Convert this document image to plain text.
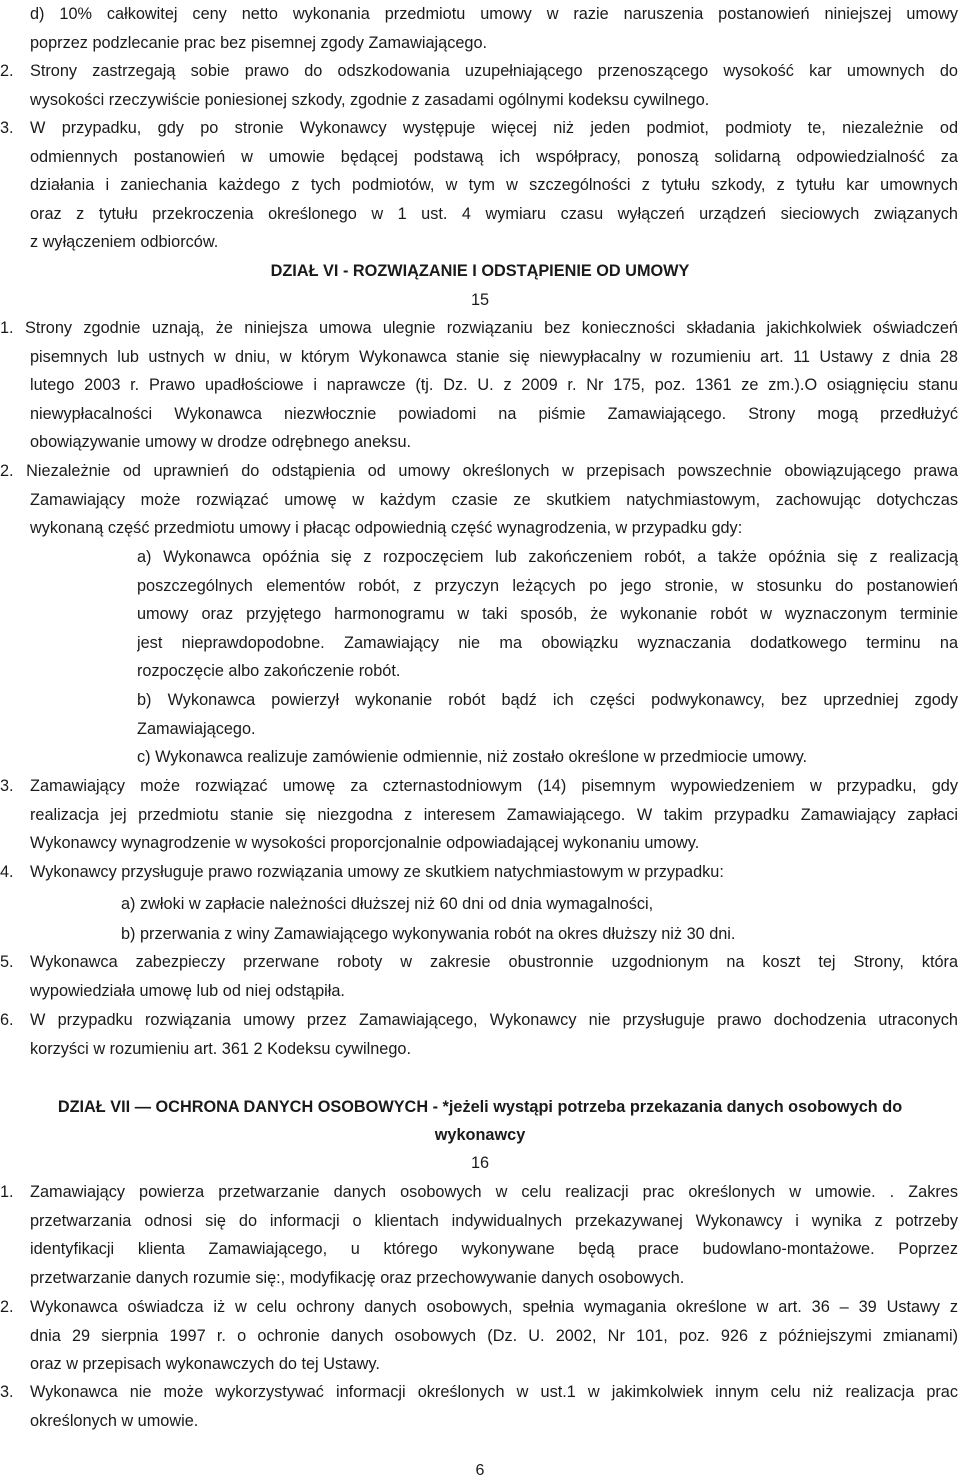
d) 10% całkowitej ceny netto wykonania przedmiotu umowy w razie naruszenia postanowień niniejszej umowy
poprzez podzlecanie prac bez pisemnej zgody Zamawiającego.
2. Strony zastrzegają sobie prawo do odszkodowania uzupełniającego przenoszącego wysokość kar umownych do
wysokości rzeczywiście poniesionej szkody, zgodnie z zasadami ogólnymi kodeksu cywilnego.
3. W przypadku, gdy po stronie Wykonawcy występuje więcej niż jeden podmiot, podmioty te, niezależnie od
odmiennych postanowień w umowie będącej podstawą ich współpracy, ponoszą solidarną odpowiedzialność za
działania i zaniechania każdego z tych podmiotów, w tym w szczególności z tytułu szkody, z tytułu kar umownych
oraz z tytułu przekroczenia określonego w 1 ust. 4 wymiaru czasu wyłączeń urządzeń sieciowych związanych
z wyłączeniem odbiorców.
DZIAŁ VI - ROZWIĄZANIE I ODSTĄPIENIE OD UMOWY
15
1. Strony zgodnie uznają, że niniejsza umowa ulegnie rozwiązaniu bez konieczności składania jakichkolwiek oświadczeń
pisemnych lub ustnych w dniu, w którym Wykonawca stanie się niewypłacalny w rozumieniu art. 11 Ustawy z dnia 28
lutego 2003 r. Prawo upadłościowe i naprawcze (tj. Dz. U. z 2009 r. Nr 175, poz. 1361 ze zm.).O osiągnięciu stanu
niewypłacalności Wykonawca niezwłocznie powiadomi na piśmie Zamawiającego. Strony mogą przedłużyć
obowiązywanie umowy w drodze odrębnego aneksu.
2. Niezależnie od uprawnień do odstąpienia od umowy określonych w przepisach powszechnie obowiązującego prawa
Zamawiający może rozwiązać umowę w każdym czasie ze skutkiem natychmiastowym, zachowując dotychczas
wykonaną część przedmiotu umowy i płacąc odpowiednią część wynagrodzenia, w przypadku gdy:
a) Wykonawca opóźnia się z rozpoczęciem lub zakończeniem robót, a także opóźnia się z realizacją
poszczególnych elementów robót, z przyczyn leżących po jego stronie, w stosunku do postanowień
umowy oraz przyjętego harmonogramu w taki sposób, że wykonanie robót w wyznaczonym terminie
jest nieprawdopodobne. Zamawiający nie ma obowiązku wyznaczania dodatkowego terminu na
rozpoczęcie albo zakończenie robót.
b) Wykonawca powierzył wykonanie robót bądź ich części podwykonawcy, bez uprzedniej zgody
Zamawiającego.
c) Wykonawca realizuje zamówienie odmiennie, niż zostało określone w przedmiocie umowy.
3. Zamawiający może rozwiązać umowę za czternastodniowym (14) pisemnym wypowiedzeniem w przypadku, gdy
realizacja jej przedmiotu stanie się niezgodna z interesem Zamawiającego. W takim przypadku Zamawiający zapłaci
Wykonawcy wynagrodzenie w wysokości proporcjonalnie odpowiadającej wykonaniu umowy.
4. Wykonawcy przysługuje prawo rozwiązania umowy ze skutkiem natychmiastowym w przypadku:
a) zwłoki w zapłacie należności dłuższej niż 60 dni od dnia wymagalności,
b) przerwania z winy Zamawiającego wykonywania robót na okres dłuższy niż 30 dni.
5. Wykonawca zabezpieczy przerwane roboty w zakresie obustronnie uzgodnionym na koszt tej Strony, która
wypowiedziała umowę lub od niej odstąpiła.
6. W przypadku rozwiązania umowy przez Zamawiającego, Wykonawcy nie przysługuje prawo dochodzenia utraconych
korzyści w rozumieniu art. 361 2 Kodeksu cywilnego.
DZIAŁ VII — OCHRONA DANYCH OSOBOWYCH - *jeżeli wystąpi potrzeba przekazania danych osobowych do
wykonawcy
16
1. Zamawiający powierza przetwarzanie danych osobowych w celu realizacji prac określonych w umowie. . Zakres
przetwarzania odnosi się do informacji o klientach indywidualnych przekazywanej Wykonawcy i wynika z potrzeby
identyfikacji klienta Zamawiającego, u którego wykonywane będą prace budowlano-montażowe. Poprzez
przetwarzanie danych rozumie się:, modyfikację oraz przechowywanie danych osobowych.
2. Wykonawca oświadcza iż w celu ochrony danych osobowych, spełnia wymagania określone w art. 36 – 39 Ustawy z
dnia 29 sierpnia 1997 r. o ochronie danych osobowych (Dz. U. 2002, Nr 101, poz. 926 z późniejszymi zmianami)
oraz w przepisach wykonawczych do tej Ustawy.
3. Wykonawca nie może wykorzystywać informacji określonych w ust.1 w jakimkolwiek innym celu niż realizacja prac
określonych w umowie.
6
